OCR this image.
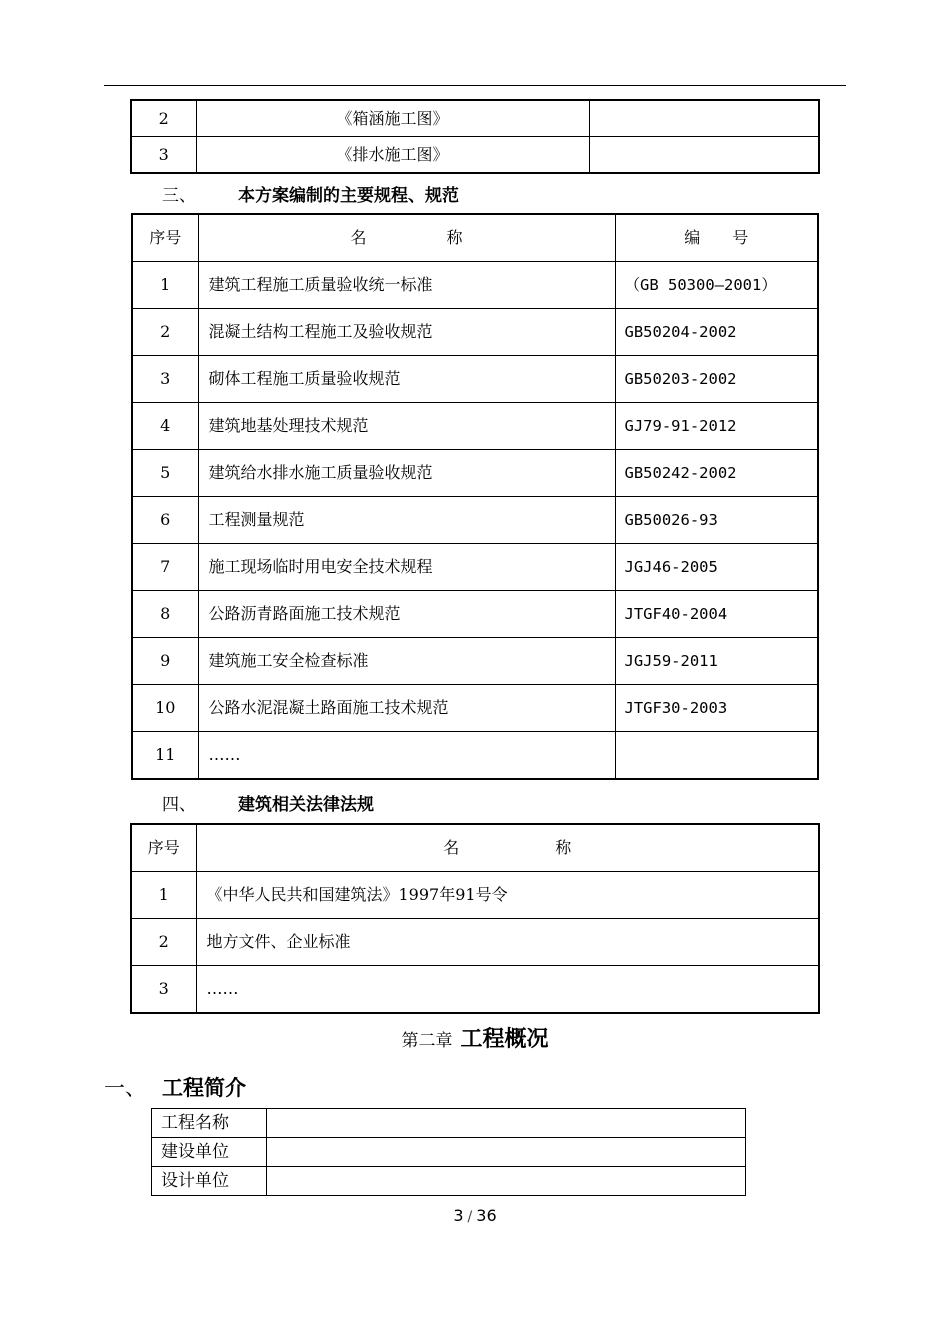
2	《箱涵施工图》	
3	《排水施工图》	
三、 本方案编制的主要规程、规范
序号	名　　　　　称	编　　号
1	建筑工程施工质量验收统一标准	（GB 50300—2001）
2	混凝土结构工程施工及验收规范	GB50204-2002
3	砌体工程施工质量验收规范	GB50203-2002
4	建筑地基处理技术规范	GJ79-91-2012
5	建筑给水排水施工质量验收规范	GB50242-2002
6	工程测量规范	GB50026-93
7	施工现场临时用电安全技术规程	JGJ46-2005
8	公路沥青路面施工技术规范	JTGF40-2004
9	建筑施工安全检查标准	JGJ59-2011
10	公路水泥混凝土路面施工技术规范	JTGF30-2003
11	……	
四、 建筑相关法律法规
序号	名　　　　　　称
1	《中华人民共和国建筑法》1997年91号令
2	地方文件、企业标准
3	……
第二章 工程概况
一、 工程简介
工程名称	
建设单位	
设计单位	
3 / 36
